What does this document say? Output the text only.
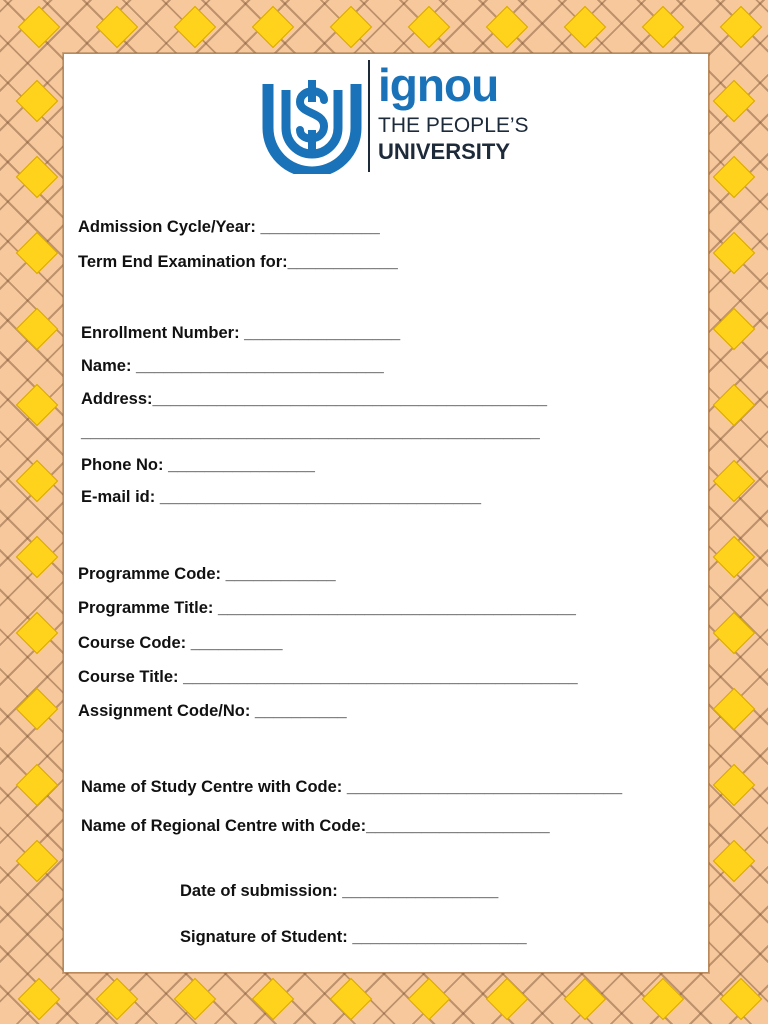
ignou
THE PEOPLE’S
UNIVERSITY
Admission Cycle/Year: _____________
Term End Examination for:____________
Enrollment Number: _________________
Name: ___________________________
Address:___________________________________________
__________________________________________________
Phone No: ________________
E-mail id: ___________________________________
Programme Code: ____________
Programme Title: _______________________________________
Course Code: __________
Course Title: ___________________________________________
Assignment Code/No: __________
Name of Study Centre with Code: ______________________________
Name of Regional Centre with Code:____________________
Date of submission: _________________
Signature of Student: ___________________
